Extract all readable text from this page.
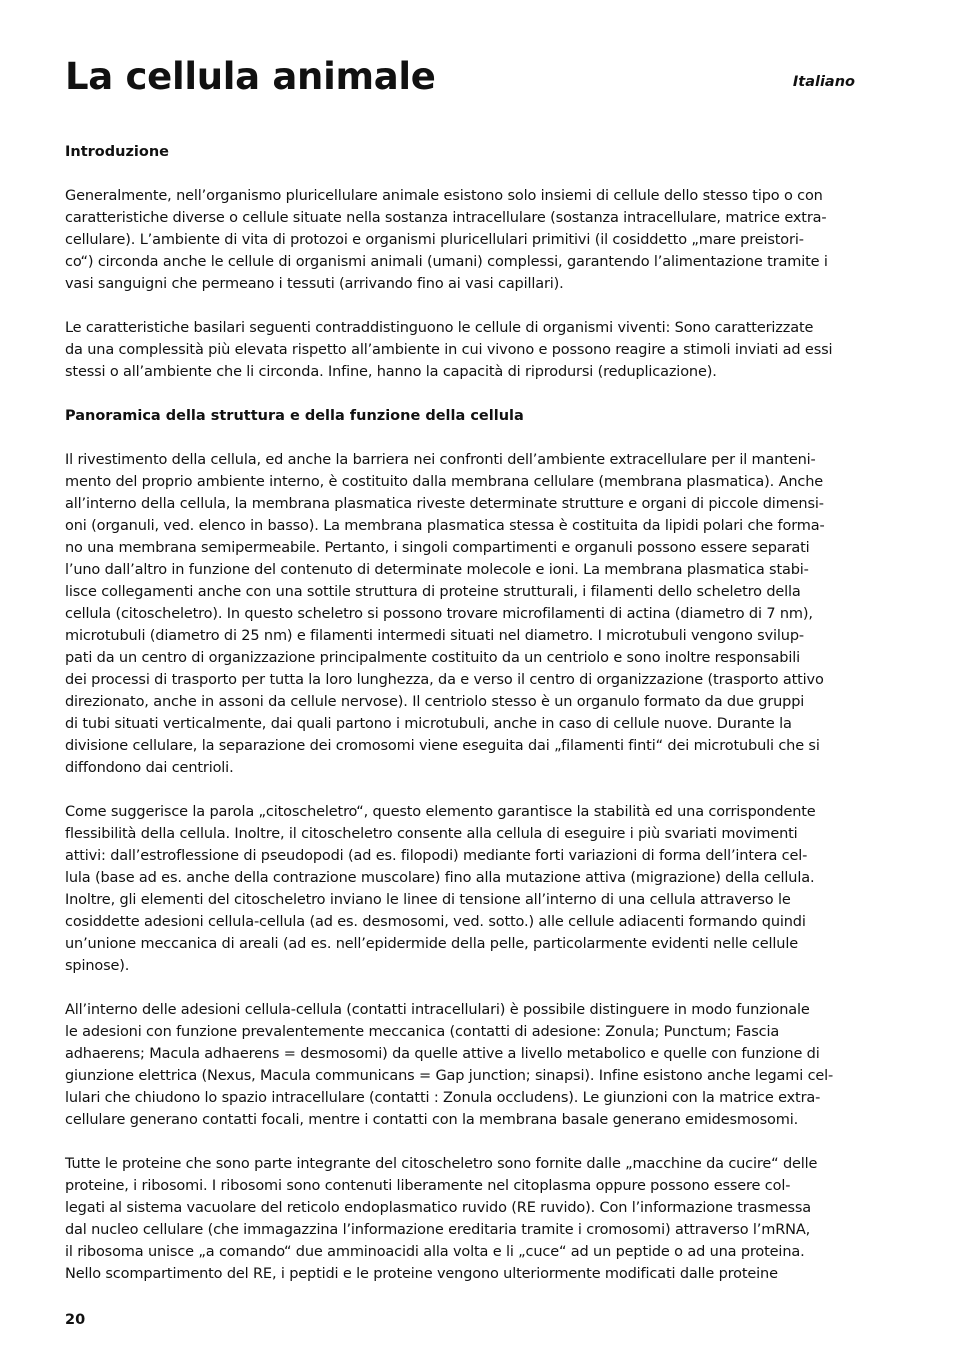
La cellula animale	Italiano
Introduzione
Generalmente, nell’organismo pluricellulare animale esistono solo insiemi di cellule dello stesso tipo o con
caratteristiche diverse o cellule situate nella sostanza intracellulare (sostanza intracellulare, matrice extra-
cellulare). L’ambiente di vita di protozoi e organismi pluricellulari primitivi (il cosiddetto „mare preistori-
co“) circonda anche le cellule di organismi animali (umani) complessi, garantendo l’alimentazione tramite i
vasi sanguigni che permeano i tessuti (arrivando fino ai vasi capillari).
Le caratteristiche basilari seguenti contraddistinguono le cellule di organismi viventi: Sono caratterizzate
da una complessità più elevata rispetto all’ambiente in cui vivono e possono reagire a stimoli inviati ad essi
stessi o all’ambiente che li circonda. Infine, hanno la capacità di riprodursi (reduplicazione).
Panoramica della struttura e della funzione della cellula
Il rivestimento della cellula, ed anche la barriera nei confronti dell’ambiente extracellulare per il manteni-
mento del proprio ambiente interno, è costituito dalla membrana cellulare (membrana plasmatica). Anche
all’interno della cellula, la membrana plasmatica riveste determinate strutture e organi di piccole dimensi-
oni (organuli, ved. elenco in basso). La membrana plasmatica stessa è costituita da lipidi polari che forma-
no una membrana semipermeabile. Pertanto, i singoli compartimenti e organuli possono essere separati
l’uno dall’altro in funzione del contenuto di determinate molecole e ioni. La membrana plasmatica stabi-
lisce collegamenti anche con una sottile struttura di proteine strutturali, i filamenti dello scheletro della
cellula (citoscheletro). In questo scheletro si possono trovare microfilamenti di actina (diametro di 7 nm),
microtubuli (diametro di 25 nm) e filamenti intermedi situati nel diametro. I microtubuli vengono svilup-
pati da un centro di organizzazione principalmente costituito da un centriolo e sono inoltre responsabili
dei processi di trasporto per tutta la loro lunghezza, da e verso il centro di organizzazione (trasporto attivo
direzionato, anche in assoni da cellule nervose). Il centriolo stesso è un organulo formato da due gruppi
di tubi situati verticalmente, dai quali partono i microtubuli, anche in caso di cellule nuove. Durante la
divisione cellulare, la separazione dei cromosomi viene eseguita dai „filamenti finti“ dei microtubuli che si
diffondono dai centrioli.
Come suggerisce la parola „citoscheletro“, questo elemento garantisce la stabilità ed una corrispondente
flessibilità della cellula. Inoltre, il citoscheletro consente alla cellula di eseguire i più svariati movimenti
attivi: dall’estroflessione di pseudopodi (ad es. filopodi) mediante forti variazioni di forma dell’intera cel-
lula (base ad es. anche della contrazione muscolare) fino alla mutazione attiva (migrazione) della cellula.
Inoltre, gli elementi del citoscheletro inviano le linee di tensione all’interno di una cellula attraverso le
cosiddette adesioni cellula-cellula (ad es. desmosomi, ved. sotto.) alle cellule adiacenti formando quindi
un’unione meccanica di areali (ad es. nell’epidermide della pelle, particolarmente evidenti nelle cellule
spinose).
All’interno delle adesioni cellula-cellula (contatti intracellulari) è possibile distinguere in modo funzionale
le adesioni con funzione prevalentemente meccanica (contatti di adesione: Zonula; Punctum; Fascia
adhaerens; Macula adhaerens = desmosomi) da quelle attive a livello metabolico e quelle con funzione di
giunzione elettrica (Nexus, Macula communicans = Gap junction; sinapsi). Infine esistono anche legami cel-
lulari che chiudono lo spazio intracellulare (contatti : Zonula occludens). Le giunzioni con la matrice extra-
cellulare generano contatti focali, mentre i contatti con la membrana basale generano emidesmosomi.
Tutte le proteine che sono parte integrante del citoscheletro sono fornite dalle „macchine da cucire“ delle
proteine, i ribosomi. I ribosomi sono contenuti liberamente nel citoplasma oppure possono essere col-
legati al sistema vacuolare del reticolo endoplasmatico ruvido (RE ruvido). Con l’informazione trasmessa
dal nucleo cellulare (che immagazzina l’informazione ereditaria tramite i cromosomi) attraverso l’mRNA,
il ribosoma unisce „a comando“ due amminoacidi alla volta e li „cuce“ ad un peptide o ad una proteina.
Nello scompartimento del RE, i peptidi e le proteine vengono ulteriormente modificati dalle proteine
20
